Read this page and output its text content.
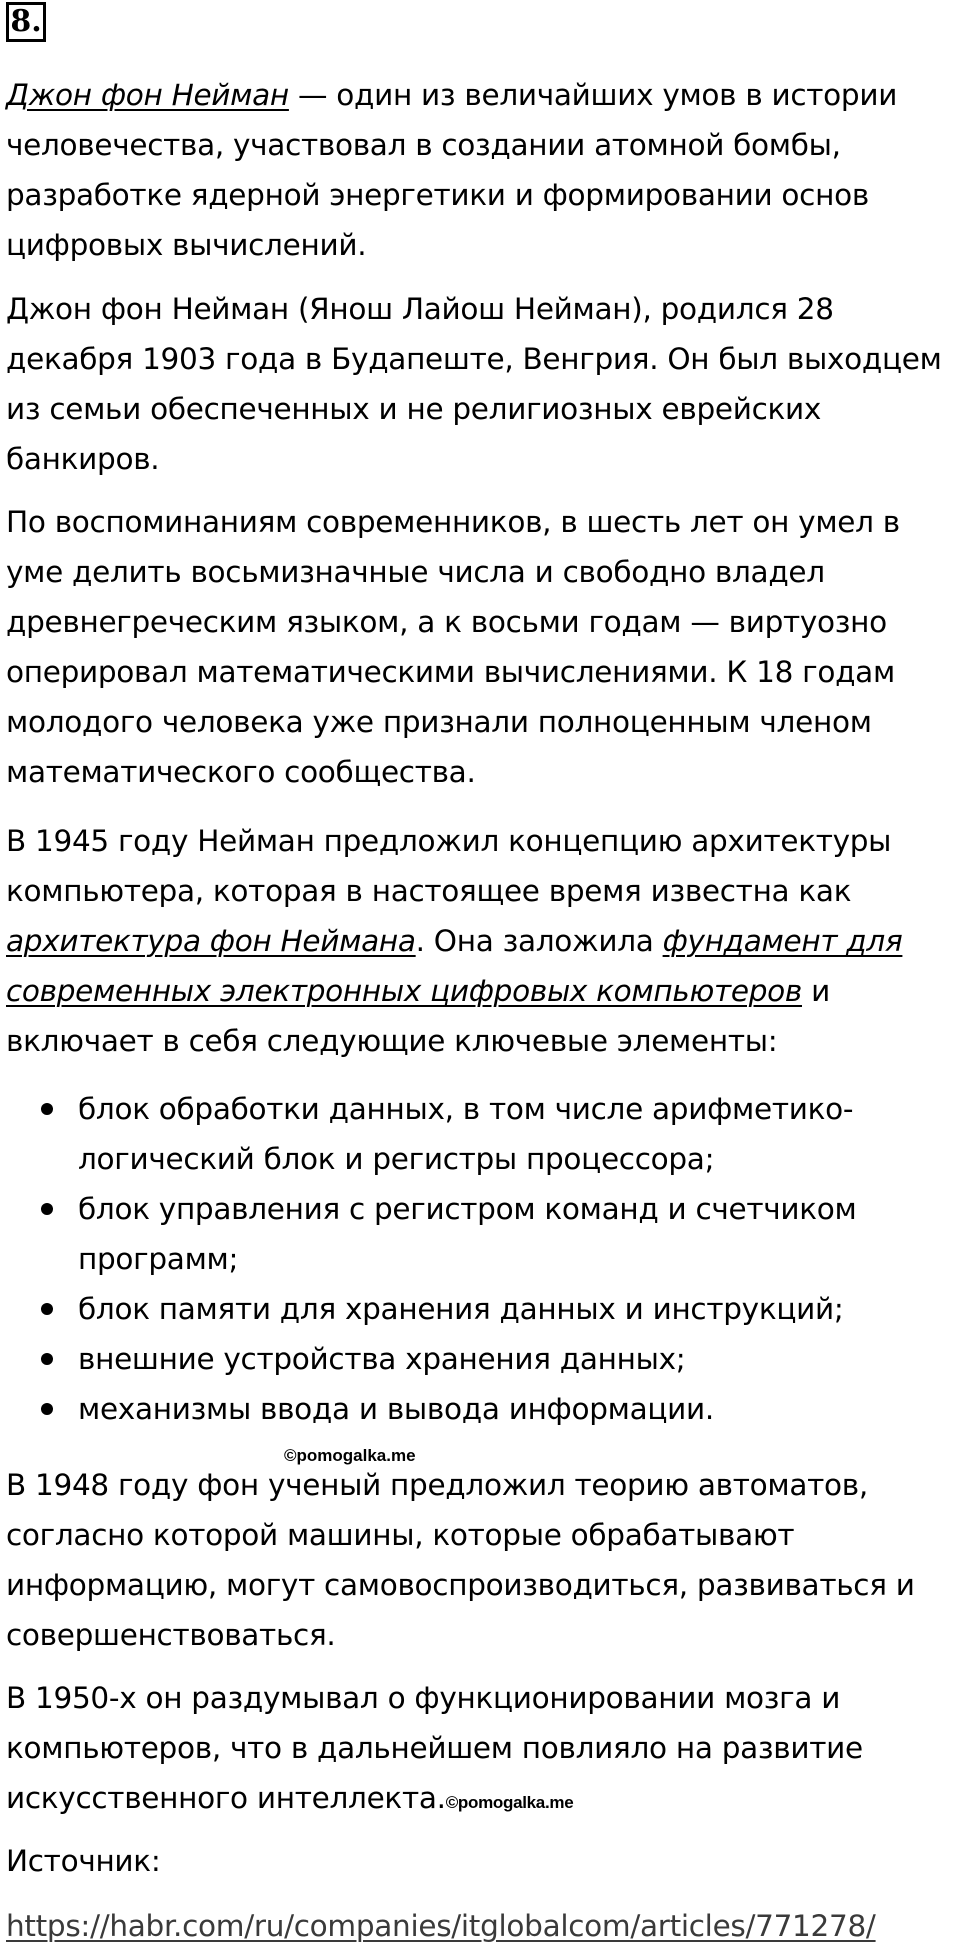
8.
Джон фон Нейман — один из величайших умов в истории
человечества, участвовал в создании атомной бомбы,
разработке ядерной энергетики и формировании основ
цифровых вычислений.
Джон фон Нейман (Янош Лайош Нейман), родился 28
декабря 1903 года в Будапеште, Венгрия. Он был выходцем
из семьи обеспеченных и не религиозных еврейских
банкиров.
По воспоминаниям современников, в шесть лет он умел в
уме делить восьмизначные числа и свободно владел
древнегреческим языком, а к восьми годам — виртуозно
оперировал математическими вычислениями. К 18 годам
молодого человека уже признали полноценным членом
математического сообщества.
В 1945 году Нейман предложил концепцию архитектуры
компьютера, которая в настоящее время известна как
архитектура фон Неймана. Она заложила фундамент для
современных электронных цифровых компьютеров и
включает в себя следующие ключевые элементы:
блок обработки данных, в том числе арифметико-
логический блок и регистры процессора;
блок управления с регистром команд и счетчиком
программ;
блок памяти для хранения данных и инструкций;
внешние устройства хранения данных;
механизмы ввода и вывода информации.
©pomogalka.me
В 1948 году фон ученый предложил теорию автоматов,
согласно которой машины, которые обрабатывают
информацию, могут самовоспроизводиться, развиваться и
совершенствоваться.
В 1950-х он раздумывал о функционировании мозга и
компьютеров, что в дальнейшем повлияло на развитие
искусственного интеллекта.©pomogalka.me
Источник:
https://habr.com/ru/companies/itglobalcom/articles/771278/
